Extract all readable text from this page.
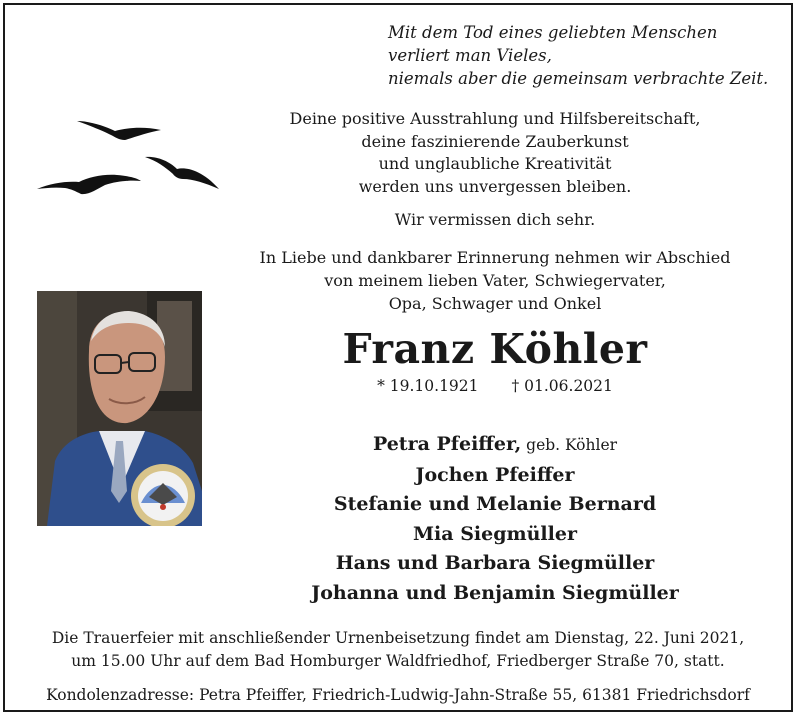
Mit dem Tod eines geliebten Menschen
verliert man Vieles,
niemals aber die gemeinsam verbrachte Zeit.
Deine positive Ausstrahlung und Hilfsbereitschaft,
deine faszinierende Zauberkunst
und unglaubliche Kreativität
werden uns unvergessen bleiben.
Wir vermissen dich sehr.
In Liebe und dankbarer Erinnerung nehmen wir Abschied
von meinem lieben Vater, Schwiegervater,
Opa, Schwager und Onkel
Franz Köhler
* 19.10.1921 † 01.06.2021
Petra Pfeiffer, geb. Köhler
Jochen Pfeiffer
Stefanie und Melanie Bernard
Mia Siegmüller
Hans und Barbara Siegmüller
Johanna und Benjamin Siegmüller
Die Trauerfeier mit anschließender Urnenbeisetzung findet am Dienstag, 22. Juni 2021,
um 15.00 Uhr auf dem Bad Homburger Waldfriedhof, Friedberger Straße 70, statt.
Kondolenzadresse: Petra Pfeiffer, Friedrich-Ludwig-Jahn-Straße 55, 61381 Friedrichsdorf
